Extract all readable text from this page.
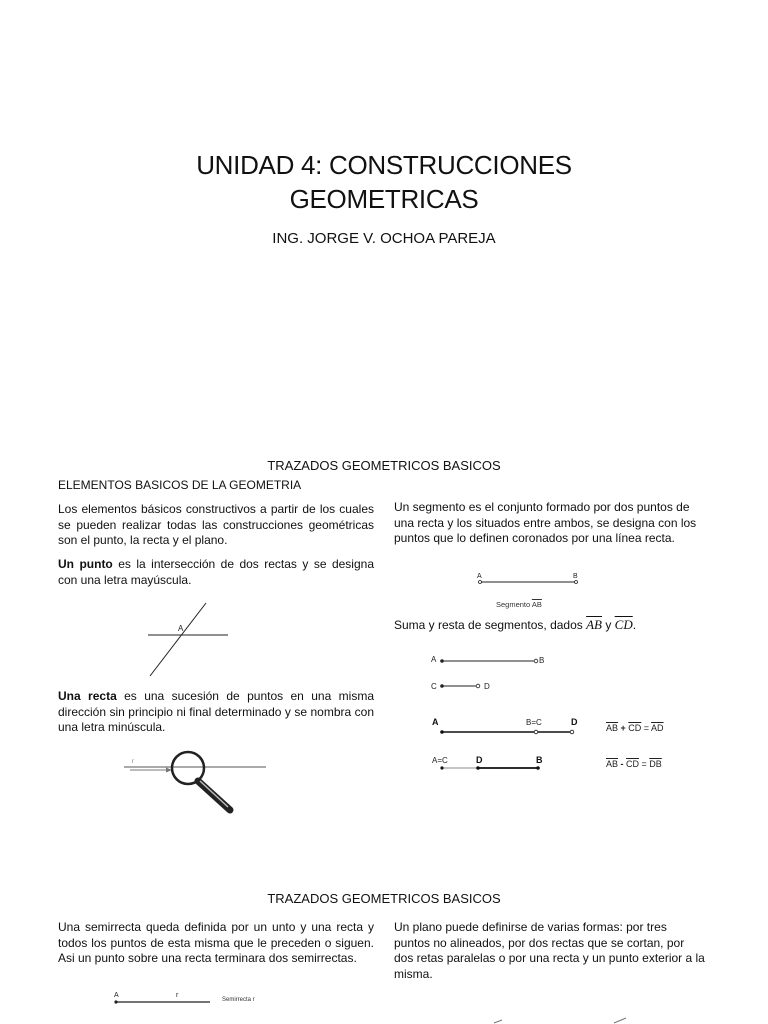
UNIDAD 4: CONSTRUCCIONES
GEOMETRICAS
ING. JORGE V. OCHOA PAREJA
TRAZADOS GEOMETRICOS BASICOS
ELEMENTOS BASICOS DE LA GEOMETRIA
Los elementos básicos constructivos a partir de los cuales se pueden realizar todas las construcciones geométricas son el punto, la recta y el plano.
Un punto es la intersección de dos rectas y se designa con una letra mayúscula.
A
Una recta es una sucesión de puntos en una misma dirección sin principio ni final determinado y se nombra con una letra minúscula.
r
Un segmento es el conjunto formado por dos puntos de una recta y los situados entre ambos, se designa con los puntos que lo definen coronados por una línea recta.
A	B
Segmento $\overline{AB}$
Suma y resta de segmentos, dados $\overline{AB}$ y $\overline{CD}$.
A	B
C	D
A	B=C	D
A=C	D	B
$\overline{AB} + \overline{CD} = \overline{AD}$
$\overline{AB} - \overline{CD} = \overline{DB}$
TRAZADOS GEOMETRICOS BASICOS
Una semirrecta queda definida por un unto y una recta y todos los puntos de esta misma que le preceden o siguen. Asi un punto sobre una recta terminara dos semirrectas.
A	r
Semirrecta r
Un plano puede definirse de varias formas: por tres puntos no alineados, por dos rectas que se cortan, por dos retas paralelas o por una recta y un punto exterior a la misma.
